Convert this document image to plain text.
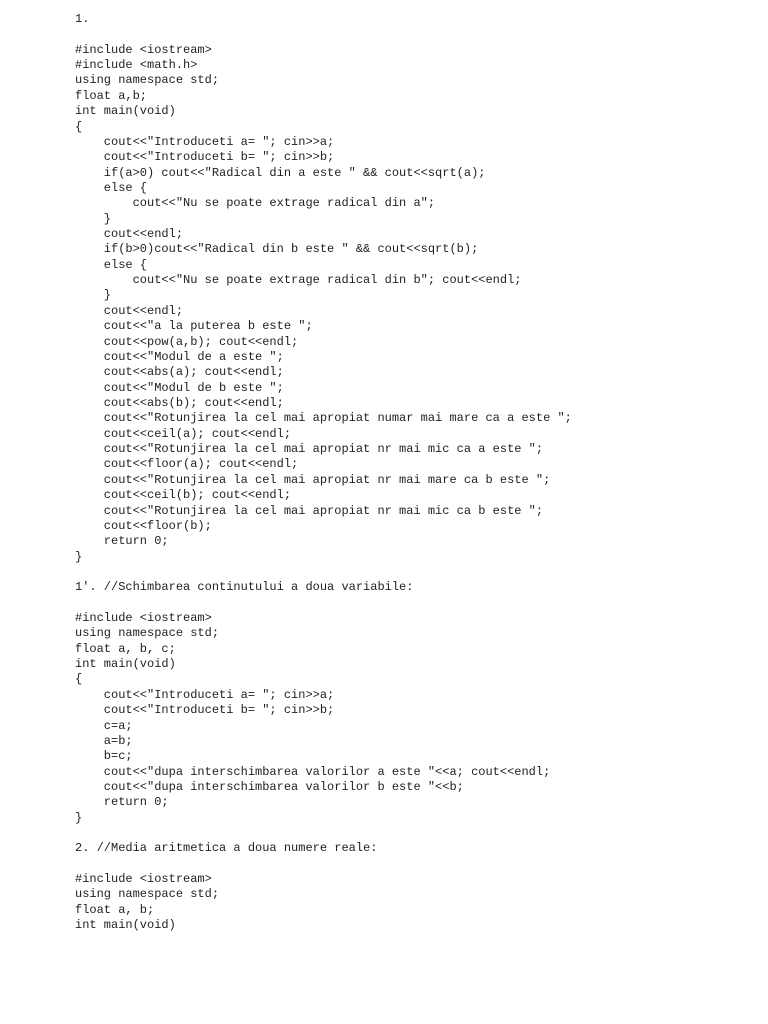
1.
#include <iostream>
#include <math.h>
using namespace std;
float a,b;
int main(void)
{
cout<<"Introduceti a= "; cin>>a;
cout<<"Introduceti b= "; cin>>b;
if(a>0) cout<<"Radical din a este " && cout<<sqrt(a);
else {
cout<<"Nu se poate extrage radical din a";
}
cout<<endl;
if(b>0)cout<<"Radical din b este " && cout<<sqrt(b);
else {
cout<<"Nu se poate extrage radical din b"; cout<<endl;
}
cout<<endl;
cout<<"a la puterea b este ";
cout<<pow(a,b); cout<<endl;
cout<<"Modul de a este ";
cout<<abs(a); cout<<endl;
cout<<"Modul de b este ";
cout<<abs(b); cout<<endl;
cout<<"Rotunjirea la cel mai apropiat numar mai mare ca a este ";
cout<<ceil(a); cout<<endl;
cout<<"Rotunjirea la cel mai apropiat nr mai mic ca a este ";
cout<<floor(a); cout<<endl;
cout<<"Rotunjirea la cel mai apropiat nr mai mare ca b este ";
cout<<ceil(b); cout<<endl;
cout<<"Rotunjirea la cel mai apropiat nr mai mic ca b este ";
cout<<floor(b);
return 0;
}
1'. //Schimbarea continutului a doua variabile:
#include <iostream>
using namespace std;
float a, b, c;
int main(void)
{
cout<<"Introduceti a= "; cin>>a;
cout<<"Introduceti b= "; cin>>b;
c=a;
a=b;
b=c;
cout<<"dupa interschimbarea valorilor a este "<<a; cout<<endl;
cout<<"dupa interschimbarea valorilor b este "<<b;
return 0;
}
2. //Media aritmetica a doua numere reale:
#include <iostream>
using namespace std;
float a, b;
int main(void)
